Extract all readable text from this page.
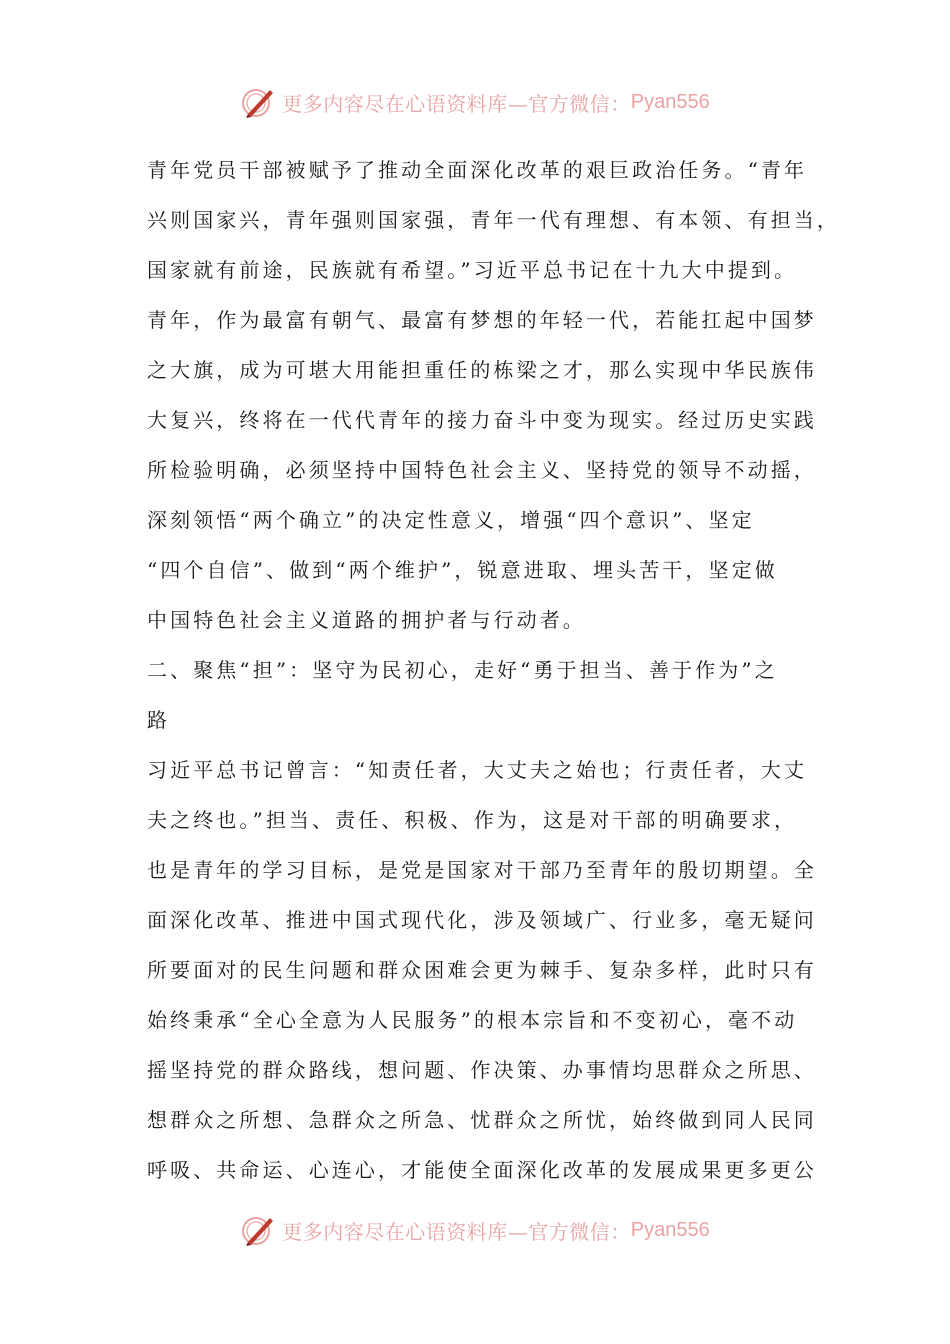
更多内容尽在心语资料库—官方微信： Pyan556
青年党员干部被赋予了推动全面深化改革的艰巨政治任务。“青年
兴则国家兴，青年强则国家强，青年一代有理想、有本领、有担当，
国家就有前途，民族就有希望。”习近平总书记在十九大中提到。
青年，作为最富有朝气、最富有梦想的年轻一代，若能扛起中国梦
之大旗，成为可堪大用能担重任的栋梁之才，那么实现中华民族伟
大复兴，终将在一代代青年的接力奋斗中变为现实。经过历史实践
所检验明确，必须坚持中国特色社会主义、坚持党的领导不动摇，
深刻领悟“两个确立”的决定性意义，增强“四个意识”、坚定
“四个自信”、做到“两个维护”，锐意进取、埋头苦干，坚定做
中国特色社会主义道路的拥护者与行动者。
二、聚焦“担”：坚守为民初心，走好“勇于担当、善于作为”之
路
习近平总书记曾言：“知责任者，大丈夫之始也；行责任者，大丈
夫之终也。”担当、责任、积极、作为，这是对干部的明确要求，
也是青年的学习目标，是党是国家对干部乃至青年的殷切期望。全
面深化改革、推进中国式现代化，涉及领域广、行业多，毫无疑问
所要面对的民生问题和群众困难会更为棘手、复杂多样，此时只有
始终秉承“全心全意为人民服务”的根本宗旨和不变初心，毫不动
摇坚持党的群众路线，想问题、作决策、办事情均思群众之所思、
想群众之所想、急群众之所急、忧群众之所忧，始终做到同人民同
呼吸、共命运、心连心，才能使全面深化改革的发展成果更多更公
更多内容尽在心语资料库—官方微信： Pyan556
